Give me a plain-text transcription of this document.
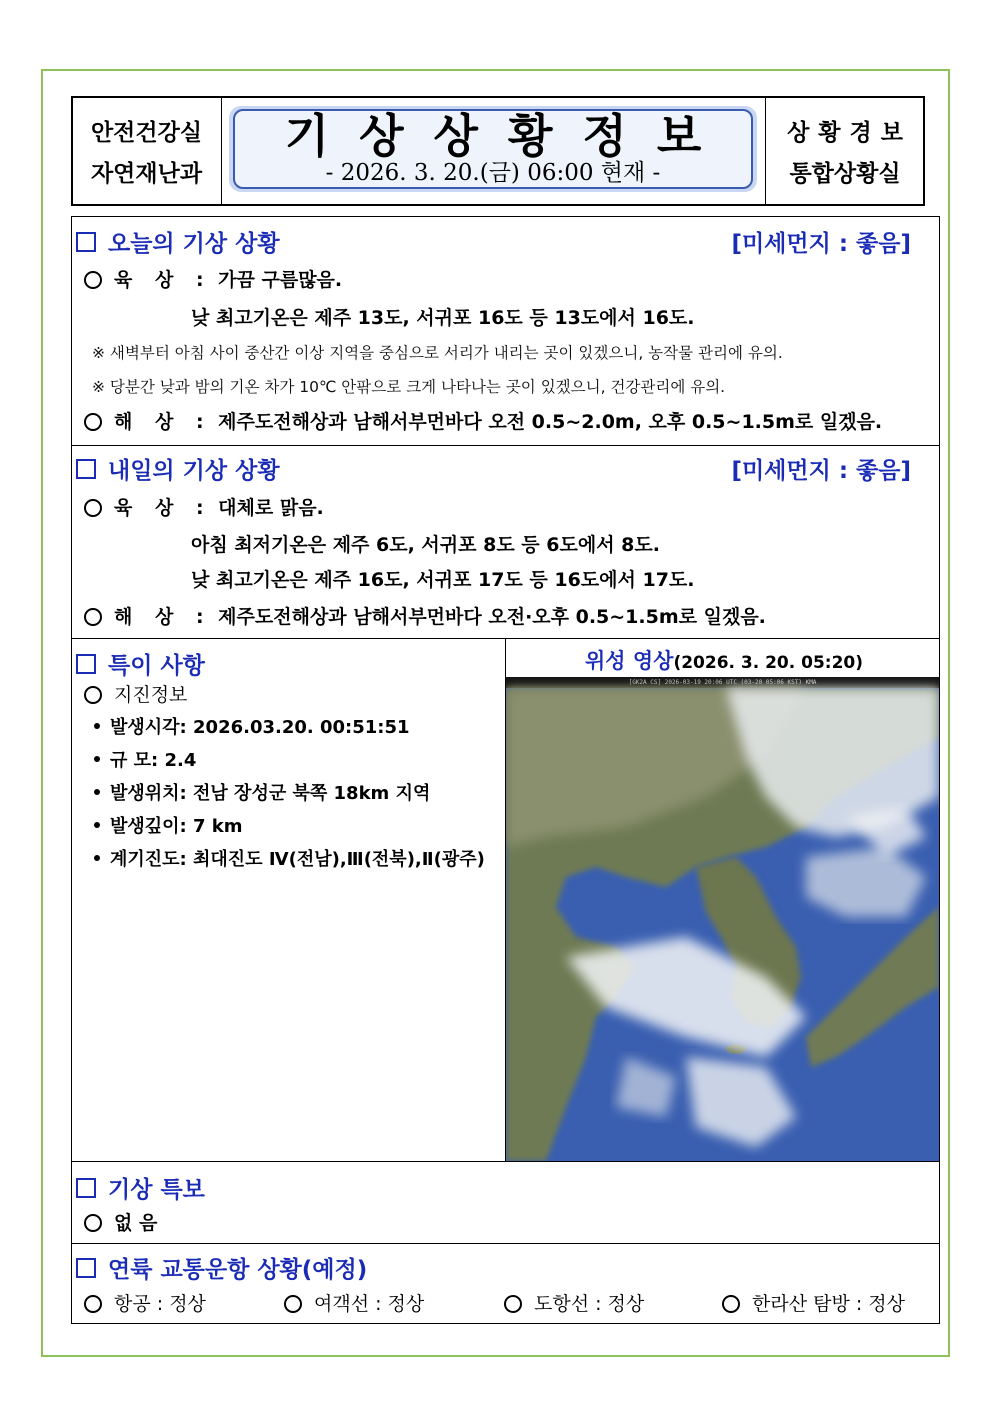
안전건강실
자연재난과
기상상황정보
- 2026. 3. 20.(금) 06:00 현재 -
상황경보
통합상황실
오늘의 기상 상황	[미세먼지 : 좋음]
육 상 : 가끔 구름많음.
낮 최고기온은 제주 13도, 서귀포 16도 등 13도에서 16도.
※ 새벽부터 아침 사이 중산간 이상 지역을 중심으로 서리가 내리는 곳이 있겠으니, 농작물 관리에 유의.
※ 당분간 낮과 밤의 기온 차가 10℃ 안팎으로 크게 나타나는 곳이 있겠으니, 건강관리에 유의.
해 상 : 제주도전해상과 남해서부먼바다 오전 0.5~2.0m, 오후 0.5~1.5m로 일겠음.
내일의 기상 상황	[미세먼지 : 좋음]
육 상 : 대체로 맑음.
아침 최저기온은 제주 6도, 서귀포 8도 등 6도에서 8도.
낮 최고기온은 제주 16도, 서귀포 17도 등 16도에서 17도.
해 상 : 제주도전해상과 남해서부먼바다 오전·오후 0.5~1.5m로 일겠음.
특이 사항
지진정보
발생시각: 2026.03.20. 00:51:51
규 모: 2.4
발생위치: 전남 장성군 북쪽 18km 지역
발생깊이: 7 km
계기진도: 최대진도 Ⅳ(전남),Ⅲ(전북),Ⅱ(광주)
위성 영상(2026. 3. 20. 05:20)
[GK2A CS] 2026-03-19 20:06 UTC (03-20 05:06 KST) KMA
기상 특보
없 음
연륙 교통운항 상황(예정)
항공 : 정상	여객선 : 정상	도항선 : 정상	한라산 탐방 : 정상
